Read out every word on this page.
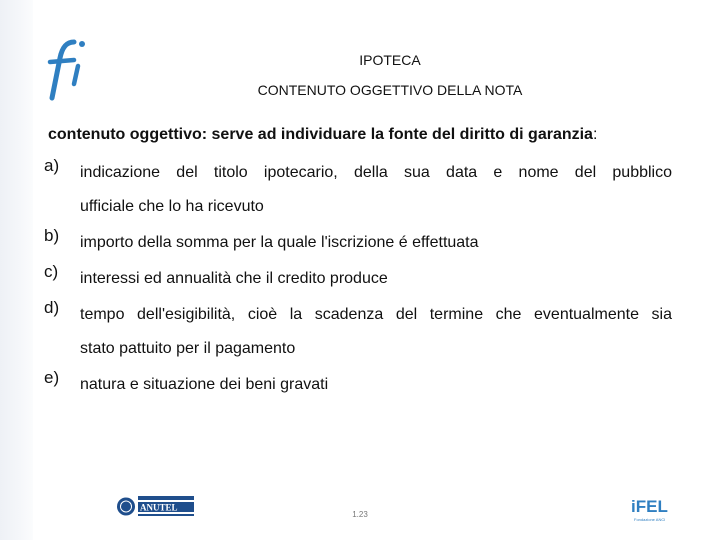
IPOTECA
CONTENUTO OGGETTIVO DELLA NOTA
contenuto oggettivo: serve ad individuare la fonte del diritto di garanzia:
a) indicazione del titolo ipotecario, della sua data e nome del pubblico
ufficiale che lo ha ricevuto
b) importo della somma per la quale l'iscrizione é effettuata
c) interessi ed annualità che il credito produce
d) tempo dell'esigibilità, cioè la scadenza del termine che eventualmente sia
stato pattuito per il pagamento
e) natura e situazione dei beni gravati
ANUTEL
1.23	iFEL
Fondazione ANCI
